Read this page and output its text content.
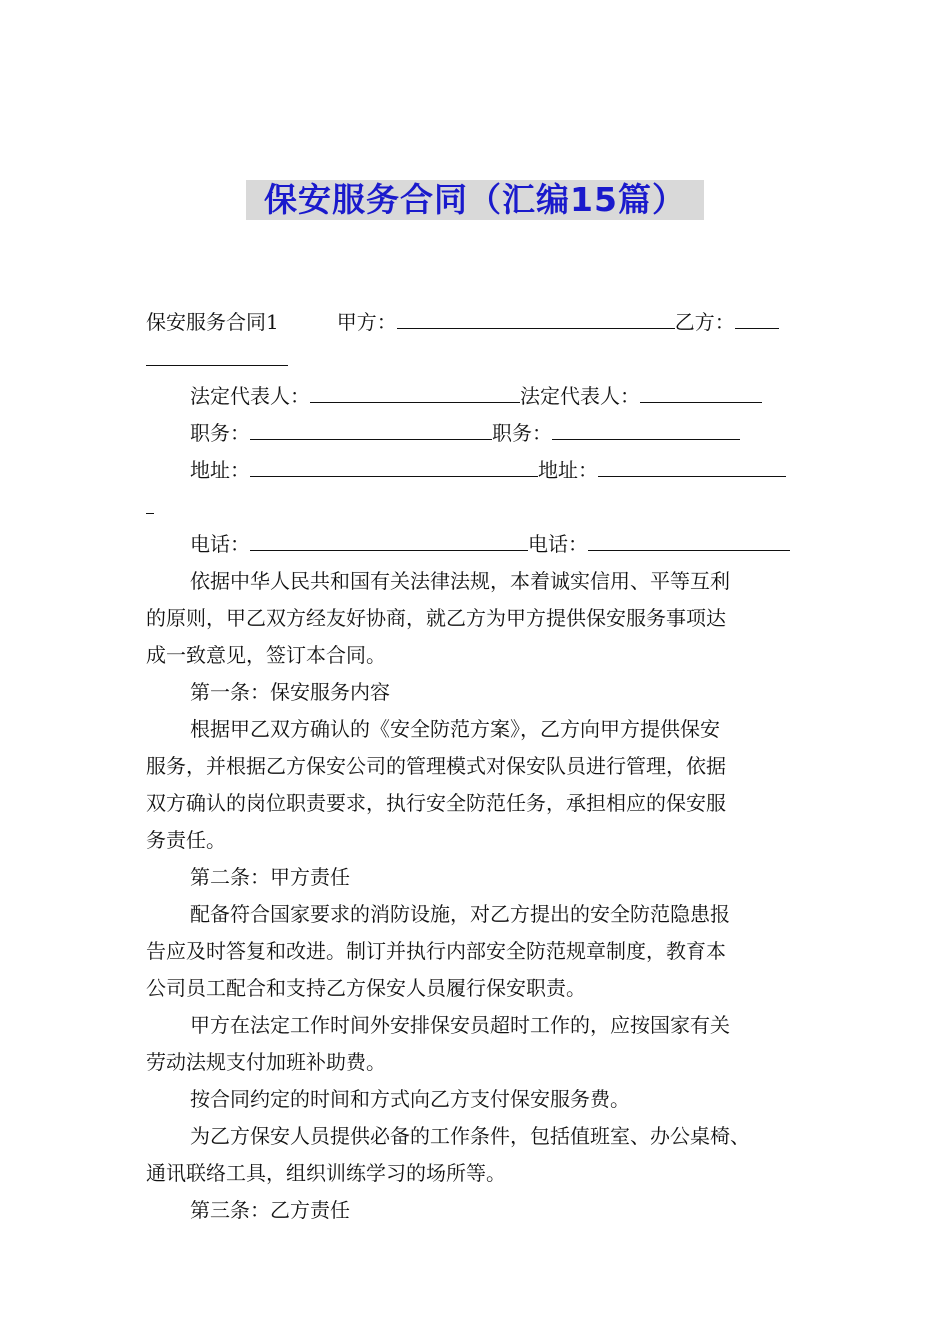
保安服务合同（汇编15篇）
保安服务合同1	甲方：	乙方：
法定代表人：	法定代表人：
职务：	职务：
地址：	地址：
电话：	电话：
依据中华人民共和国有关法律法规，本着诚实信用、平等互利
的原则，甲乙双方经友好协商，就乙方为甲方提供保安服务事项达
成一致意见，签订本合同。
第一条：保安服务内容
根据甲乙双方确认的《安全防范方案》，乙方向甲方提供保安
服务，并根据乙方保安公司的管理模式对保安队员进行管理，依据
双方确认的岗位职责要求，执行安全防范任务，承担相应的保安服
务责任。
第二条：甲方责任
配备符合国家要求的消防设施，对乙方提出的安全防范隐患报
告应及时答复和改进。制订并执行内部安全防范规章制度，教育本
公司员工配合和支持乙方保安人员履行保安职责。
甲方在法定工作时间外安排保安员超时工作的，应按国家有关
劳动法规支付加班补助费。
按合同约定的时间和方式向乙方支付保安服务费。
为乙方保安人员提供必备的工作条件，包括值班室、办公桌椅、
通讯联络工具，组织训练学习的场所等。
第三条：乙方责任
